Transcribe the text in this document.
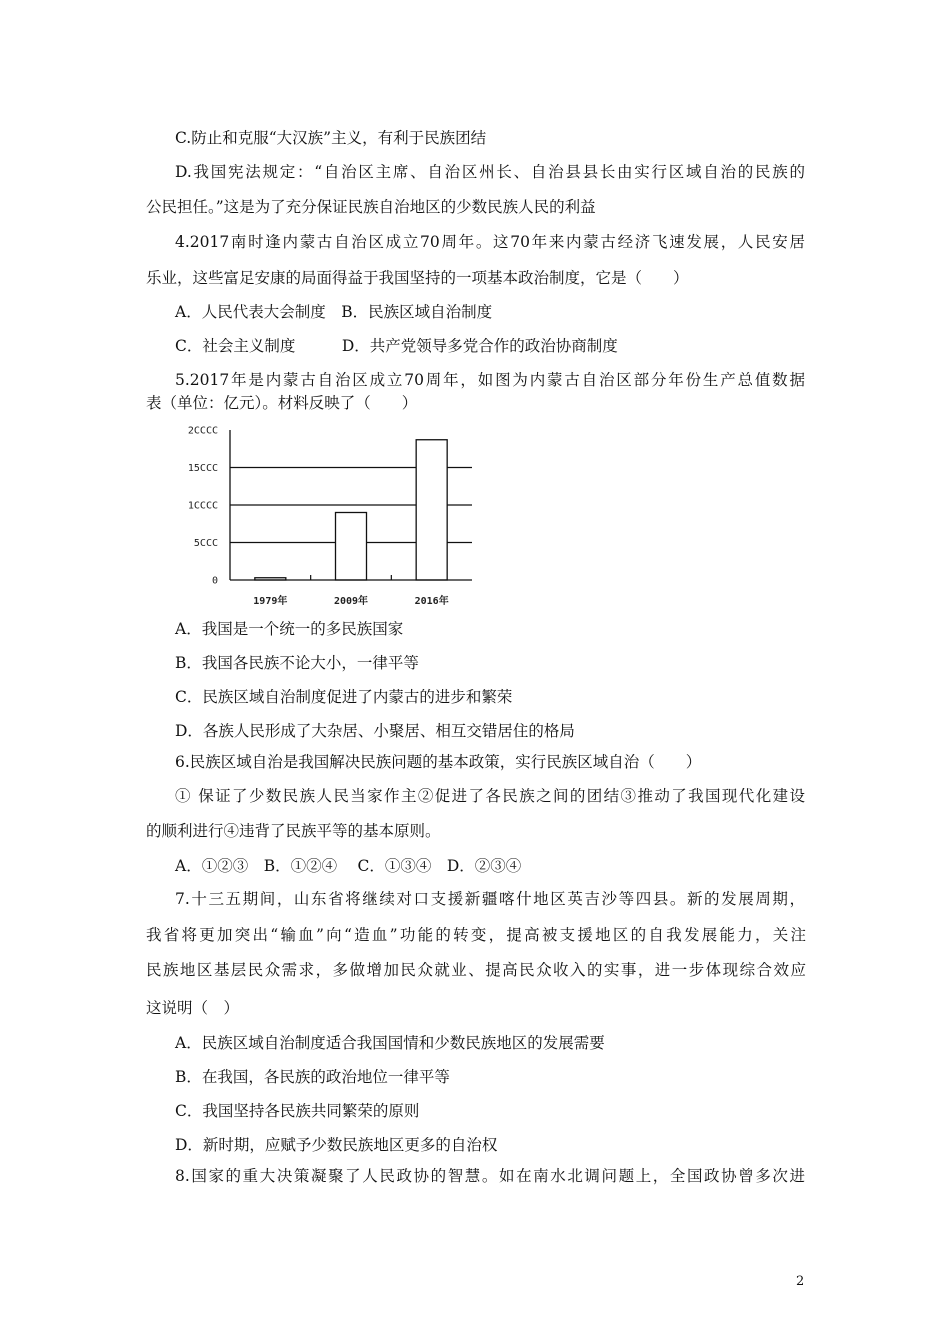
C.防止和克服“大汉族”主义，有利于民族团结
D.我国宪法规定：“自治区主席、自治区州长、自治县县长由实行区域自治的民族的
公民担任。”这是为了充分保证民族自治地区的少数民族人民的利益
4.2017南时逢内蒙古自治区成立70周年。这70年来内蒙古经济飞速发展，人民安居
乐业，这些富足安康的局面得益于我国坚持的一项基本政治制度，它是（　　）
A．人民代表大会制度　B．民族区域自治制度
C．社会主义制度　　　D．共产党领导多党合作的政治协商制度
5.2017年是内蒙古自治区成立70周年，如图为内蒙古自治区部分年份生产总值数据
表（单位：亿元）。材料反映了（　　）
0
5CCC
1CCCC
15CCC
2CCCC
1979年	2009年	2016年
A．我国是一个统一的多民族国家
B．我国各民族不论大小，一律平等
C．民族区域自治制度促进了内蒙古的进步和繁荣
D．各族人民形成了大杂居、小聚居、相互交错居住的格局
6.民族区域自治是我国解决民族问题的基本政策，实行民族区域自治（　　）
① 保证了少数民族人民当家作主②促进了各民族之间的团结③推动了我国现代化建设
的顺利进行④违背了民族平等的基本原则。
A．①②③　B．①②④　 C．①③④　D．②③④
7.十三五期间，山东省将继续对口支援新疆喀什地区英吉沙等四县。新的发展周期，
我省将更加突出“输血”向“造血”功能的转变，提高被支援地区的自我发展能力，关注
民族地区基层民众需求，多做增加民众就业、提高民众收入的实事，进一步体现综合效应
这说明（　）
A．民族区域自治制度适合我国国情和少数民族地区的发展需要
B．在我国，各民族的政治地位一律平等
C．我国坚持各民族共同繁荣的原则
D．新时期，应赋予少数民族地区更多的自治权
8.国家的重大决策凝聚了人民政协的智慧。如在南水北调问题上，全国政协曾多次进
2
